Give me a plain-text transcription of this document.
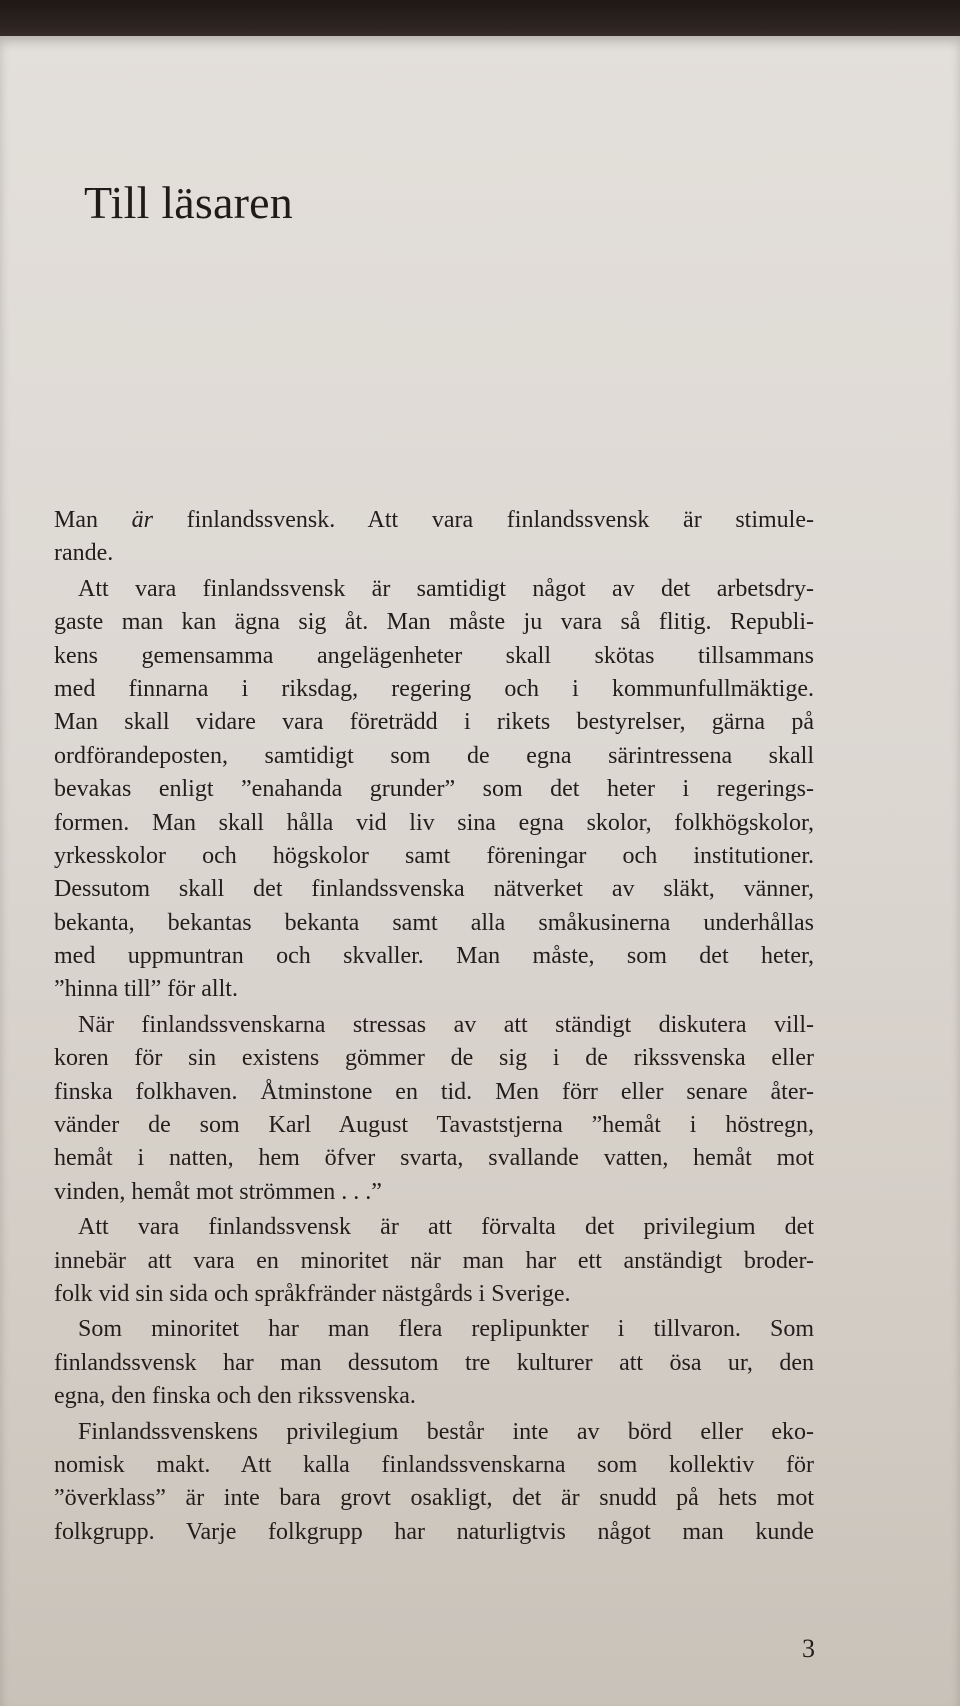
Till läsaren
Man är finlandssvensk. Att vara finlandssvensk är stimule-
rande.
Att vara finlandssvensk är samtidigt något av det arbetsdry-
gaste man kan ägna sig åt. Man måste ju vara så flitig. Republi-
kens gemensamma angelägenheter skall skötas tillsammans
med finnarna i riksdag, regering och i kommunfullmäktige.
Man skall vidare vara företrädd i rikets bestyrelser, gärna på
ordförandeposten, samtidigt som de egna särintressena skall
bevakas enligt ”enahanda grunder” som det heter i regerings-
formen. Man skall hålla vid liv sina egna skolor, folkhögskolor,
yrkesskolor och högskolor samt föreningar och institutioner.
Dessutom skall det finlandssvenska nätverket av släkt, vänner,
bekanta, bekantas bekanta samt alla småkusinerna underhållas
med uppmuntran och skvaller. Man måste, som det heter,
”hinna till” för allt.
När finlandssvenskarna stressas av att ständigt diskutera vill-
koren för sin existens gömmer de sig i de rikssvenska eller
finska folkhaven. Åtminstone en tid. Men förr eller senare åter-
vänder de som Karl August Tavaststjerna ”hemåt i höstregn,
hemåt i natten, hem öfver svarta, svallande vatten, hemåt mot
vinden, hemåt mot strömmen . . .”
Att vara finlandssvensk är att förvalta det privilegium det
innebär att vara en minoritet när man har ett anständigt broder-
folk vid sin sida och språkfränder nästgårds i Sverige.
Som minoritet har man flera replipunkter i tillvaron. Som
finlandssvensk har man dessutom tre kulturer att ösa ur, den
egna, den finska och den rikssvenska.
Finlandssvenskens privilegium består inte av börd eller eko-
nomisk makt. Att kalla finlandssvenskarna som kollektiv för
”överklass” är inte bara grovt osakligt, det är snudd på hets mot
folkgrupp. Varje folkgrupp har naturligtvis något man kunde
3
